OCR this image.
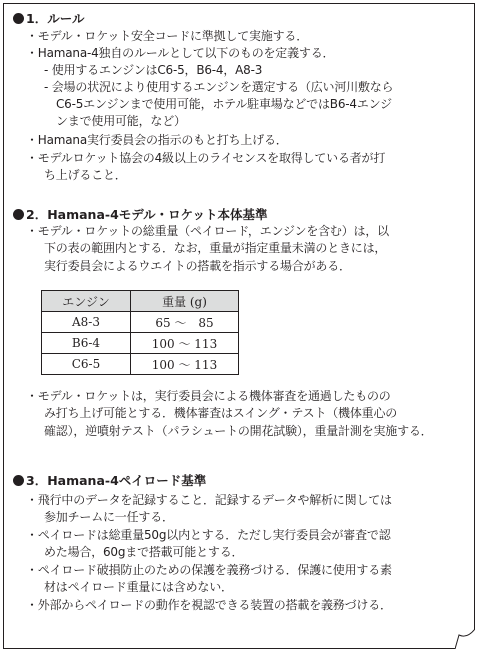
1．ルール
・モデル・ロケット安全コードに準拠して実施する．
・Hamana-4独自のルールとして以下のものを定義する．
- 使用するエンジンはC6-5，B6-4，A8-3
- 会場の状況により使用するエンジンを選定する（広い河川敷なら
C6-5エンジンまで使用可能，ホテル駐車場などではB6-4エンジ
ンまで使用可能，など）
・Hamana実行委員会の指示のもと打ち上げる．
・モデルロケット協会の4級以上のライセンスを取得している者が打
ち上げること．
2．Hamana-4モデル・ロケット本体基準
・モデル・ロケットの総重量（ペイロード，エンジンを含む）は，以
下の表の範囲内とする．なお，重量が指定重量未満のときには，
実行委員会によるウエイトの搭載を指示する場合がある．
エンジン	重量 (g)
A8-3	65 ～　85
B6-4	100 ～ 113
C6-5	100 ～ 113
・モデル・ロケットは，実行委員会による機体審査を通過したものの
み打ち上げ可能とする．機体審査はスイング・テスト（機体重心の
確認），逆噴射テスト（パラシュートの開花試験），重量計測を実施する．
3．Hamana-4ペイロード基準
・飛行中のデータを記録すること．記録するデータや解析に関しては
参加チームに一任する．
・ペイロードは総重量50g以内とする．ただし実行委員会が審査で認
めた場合，60gまで搭載可能とする．
・ペイロード破損防止のための保護を義務づける．保護に使用する素
材はペイロード重量には含めない．
・外部からペイロードの動作を視認できる装置の搭載を義務づける．
